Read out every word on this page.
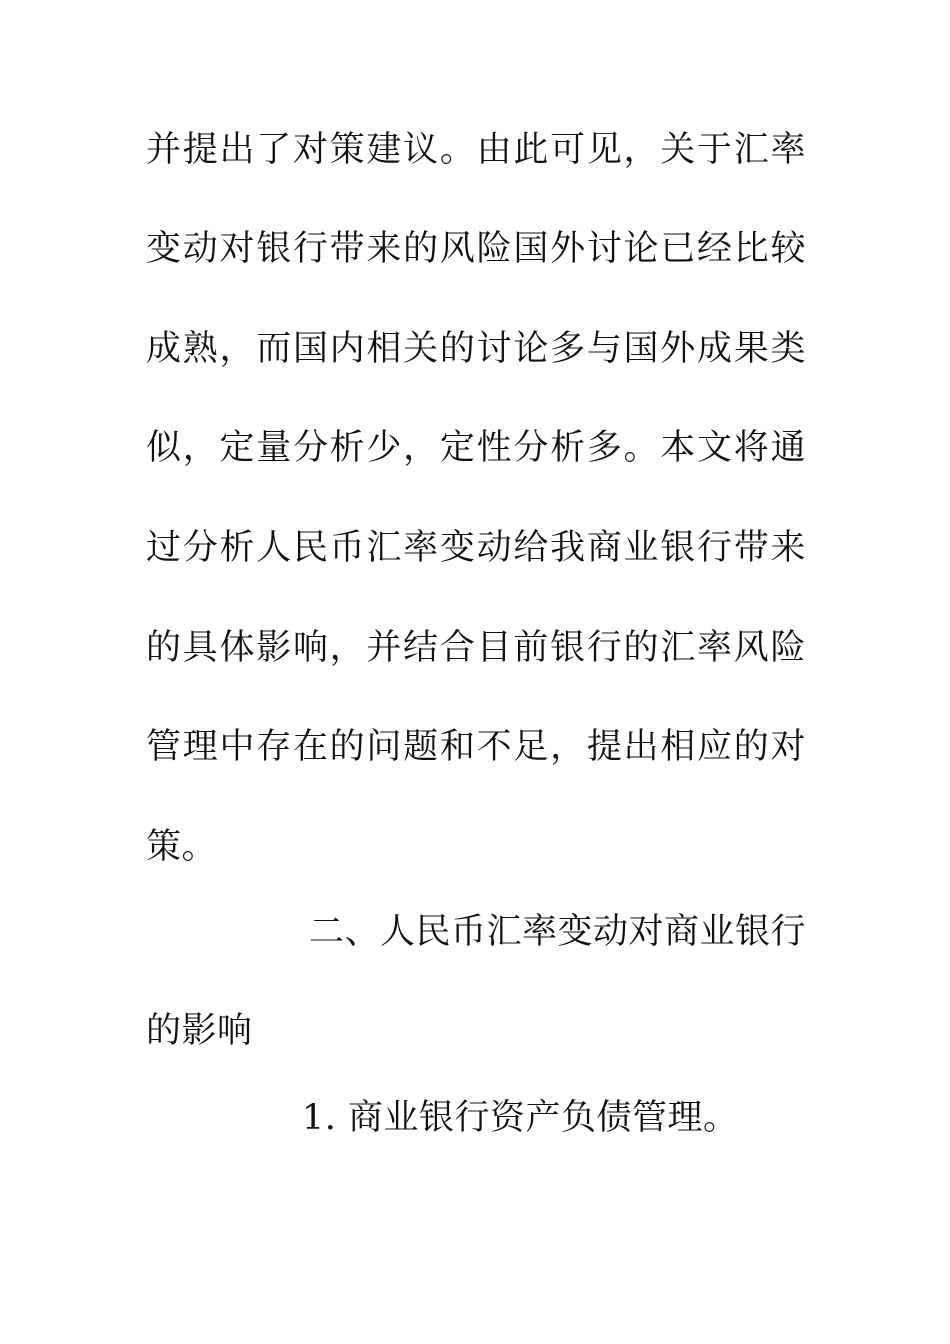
并提出了对策建议。由此可见，关于汇率
变动对银行带来的风险国外讨论已经比较
成熟，而国内相关的讨论多与国外成果类
似，定量分析少，定性分析多。本文将通
过分析人民币汇率变动给我商业银行带来
的具体影响，并结合目前银行的汇率风险
管理中存在的问题和不足，提出相应的对
策。
二、人民币汇率变动对商业银行
的影响
1. 商业银行资产负债管理。
